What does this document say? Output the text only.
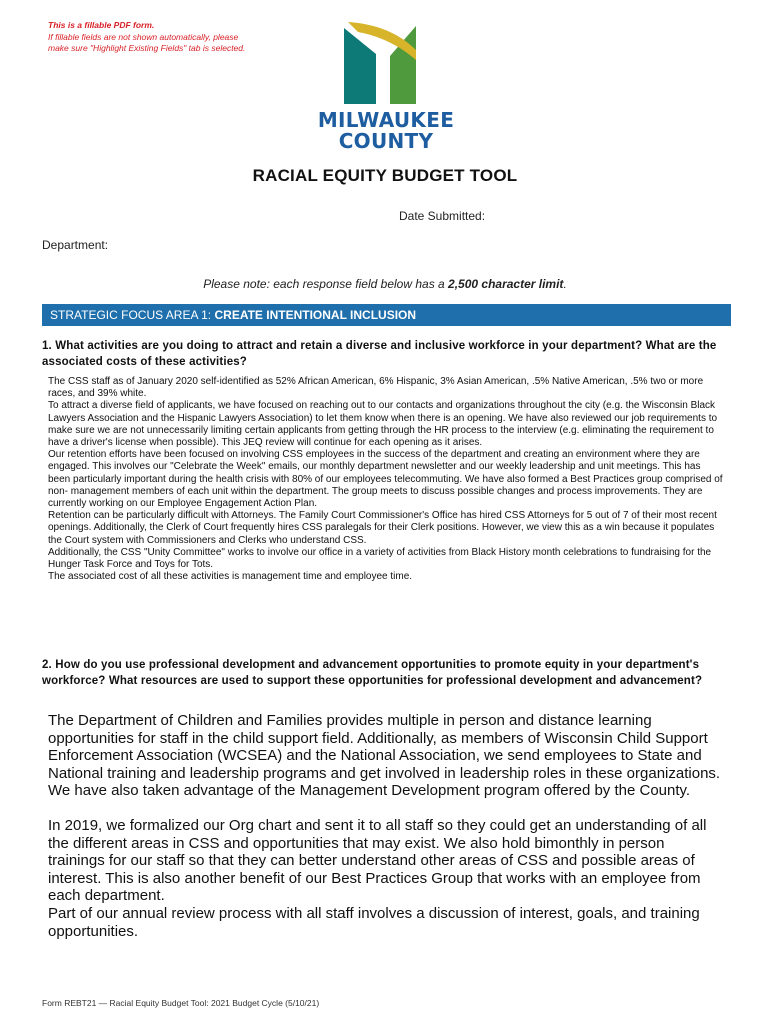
This is a fillable PDF form.
If fillable fields are not shown automatically, please
make sure "Highlight Existing Fields" tab is selected.
MILWAUKEE
COUNTY
RACIAL EQUITY BUDGET TOOL
Date Submitted:
Department:
Please note: each response field below has a 2,500 character limit.
STRATEGIC FOCUS AREA 1: CREATE INTENTIONAL INCLUSION
1. What activities are you doing to attract and retain a diverse and inclusive workforce in your department? What are the associated costs of these activities?

The CSS staff as of January 2020 self-identified as 52% African American, 6% Hispanic, 3% Asian American, .5% Native American, .5% two or more races, and 39% white.

To attract a diverse field of applicants, we have focused on reaching out to our contacts and organizations throughout the city (e.g. the Wisconsin Black Lawyers Association and the Hispanic Lawyers Association) to let them know when there is an opening. We have also reviewed our job requirements to make sure we are not unnecessarily limiting certain applicants from getting through the HR process to the interview (e.g. eliminating the requirement to have a driver's license when possible). This JEQ review will continue for each opening as it arises.

Our retention efforts have been focused on involving CSS employees in the success of the department and creating an environment where they are engaged. This involves our "Celebrate the Week" emails, our monthly department newsletter and our weekly leadership and unit meetings. This has been particularly important during the health crisis with 80% of our employees telecommuting. We have also formed a Best Practices group comprised of non- management members of each unit within the department. The group meets to discuss possible changes and process improvements. They are currently working on our Employee Engagement Action Plan.

Retention can be particularly difficult with Attorneys. The Family Court Commissioner's Office has hired CSS Attorneys for 5 out of 7 of their most recent openings. Additionally, the Clerk of Court frequently hires CSS paralegals for their Clerk positions. However, we view this as a win because it populates the Court system with Commissioners and Clerks who understand CSS.

Additionally, the CSS "Unity Committee" works to involve our office in a variety of activities from Black History month celebrations to fundraising for the Hunger Task Force and Toys for Tots.

The associated cost of all these activities is management time and employee time.

2. How do you use professional development and advancement opportunities to promote equity in your department's workforce? What resources are used to support these opportunities for professional development and advancement?

The Department of Children and Families provides multiple in person and distance learning opportunities for staff in the child support field. Additionally, as members of Wisconsin Child Support Enforcement Association (WCSEA) and the National Association, we send employees to State and National training and leadership programs and get involved in leadership roles in these organizations.

We have also taken advantage of the Management Development program offered by the County.

In 2019, we formalized our Org chart and sent it to all staff so they could get an understanding of all the different areas in CSS and opportunities that may exist. We also hold bimonthly in person trainings for our staff so that they can better understand other areas of CSS and possible areas of interest. This is also another benefit of our Best Practices Group that works with an employee from each department.

Part of our annual review process with all staff involves a discussion of interest, goals, and training opportunities.

Form REBT21 — Racial Equity Budget Tool: 2021 Budget Cycle (5/10/21)
